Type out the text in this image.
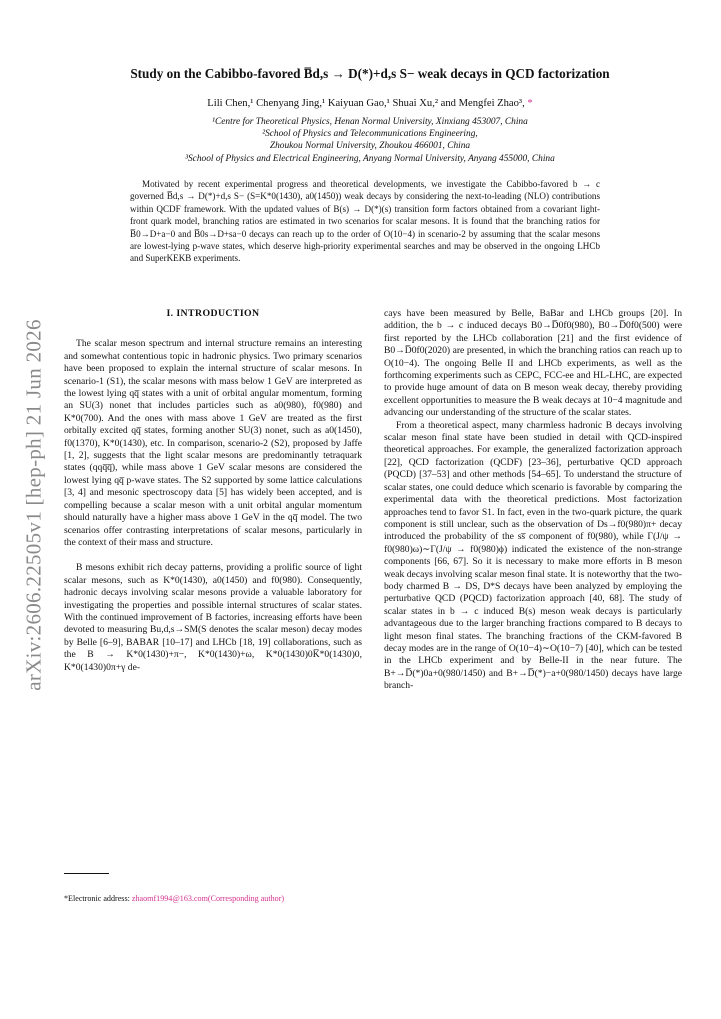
arXiv:2606.22505v1 [hep-ph] 21 Jun 2026
Study on the Cabibbo-favored B̅d,s → D(*)+d,s S− weak decays in QCD factorization
Lili Chen,¹ Chenyang Jing,¹ Kaiyuan Gao,¹ Shuai Xu,² and Mengfei Zhao³, *
¹Centre for Theoretical Physics, Henan Normal University, Xinxiang 453007, China
²School of Physics and Telecommunications Engineering,
Zhoukou Normal University, Zhoukou 466001, China
³School of Physics and Electrical Engineering, Anyang Normal University, Anyang 455000, China

Motivated by recent experimental progress and theoretical developments, we investigate the Cabibbo-favored b → c governed B̅d,s → D(*)+d,s S− (S=K*0(1430), a0(1450)) weak decays by considering the next-to-leading (NLO) contributions within QCDF framework. With the updated values of B(s) → D(*)(s) transition form factors obtained from a covariant light-front quark model, branching ratios are estimated in two scenarios for scalar mesons. It is found that the branching ratios for B̅0→D+a−0 and B̅0s→D+sa−0 decays can reach up to the order of O(10−4) in scenario-2 by assuming that the scalar mesons are lowest-lying p-wave states, which deserve high-priority experimental searches and may be observed in the ongoing LHCb and SuperKEKB experiments.

I. INTRODUCTION

The scalar meson spectrum and internal structure remains an interesting and somewhat contentious topic in hadronic physics. Two primary scenarios have been proposed to explain the internal structure of scalar mesons. In scenario-1 (S1), the scalar mesons with mass below 1 GeV are interpreted as the lowest lying qq̅ states with a unit of orbital angular momentum, forming an SU(3) nonet that includes particles such as a0(980), f0(980) and K*0(700). And the ones with mass above 1 GeV are treated as the first orbitally excited qq̅ states, forming another SU(3) nonet, such as a0(1450), f0(1370), K*0(1430), etc. In comparison, scenario-2 (S2), proposed by Jaffe [1, 2], suggests that the light scalar mesons are predominantly tetraquark states (qqq̅q̅), while mass above 1 GeV scalar mesons are considered the lowest lying qq̅ p-wave states. The S2 supported by some lattice calculations [3, 4] and mesonic spectroscopy data [5] has widely been accepted, and is compelling because a scalar meson with a unit orbital angular momentum should naturally have a higher mass above 1 GeV in the qq̅ model. The two scenarios offer contrasting interpretations of scalar mesons, particularly in the context of their mass and structure.

B mesons exhibit rich decay patterns, providing a prolific source of light scalar mesons, such as K*0(1430), a0(1450) and f0(980). Consequently, hadronic decays involving scalar mesons provide a valuable laboratory for investigating the properties and possible internal structures of scalar states. With the continued improvement of B factories, increasing efforts have been devoted to measuring Bu,d,s→SM(S denotes the scalar meson) decay modes by Belle [6–9], BABAR [10–17] and LHCb [18, 19] collaborations, such as the B → K*0(1430)+π−, K*0(1430)+ω, K*0(1430)0K̅*0(1430)0, K*0(1430)0π+γ de-

cays have been measured by Belle, BaBar and LHCb groups [20]. In addition, the b → c induced decays B0→D̅0f0(980), B0→D̅0f0(500) were first reported by the LHCb collaboration [21] and the first evidence of B0→D̅0f0(2020) are presented, in which the branching ratios can reach up to O(10−4). The ongoing Belle II and LHCb experiments, as well as the forthcoming experiments such as CEPC, FCC-ee and HL-LHC, are expected to provide huge amount of data on B meson weak decay, thereby providing excellent opportunities to measure the B weak decays at 10−4 magnitude and advancing our understanding of the structure of the scalar states.

From a theoretical aspect, many charmless hadronic B decays involving scalar meson final state have been studied in detail with QCD-inspired theoretical approaches. For example, the generalized factorization approach [22], QCD factorization (QCDF) [23–36], perturbative QCD approach (PQCD) [37–53] and other methods [54–65]. To understand the structure of scalar states, one could deduce which scenario is favorable by comparing the experimental data with the theoretical predictions. Most factorization approaches tend to favor S1. In fact, even in the two-quark picture, the quark component is still unclear, such as the observation of Ds→f0(980)π+ decay introduced the probability of the ss̅ component of f0(980), while Γ(J/ψ → f0(980)ω)∼Γ(J/ψ → f0(980)ϕ) indicated the existence of the non-strange components [66, 67]. So it is necessary to make more efforts in B meson weak decays involving scalar meson final state. It is noteworthy that the two-body charmed B → DS, D*S decays have been analyzed by employing the perturbative QCD (PQCD) factorization approach [40, 68]. The study of scalar states in b → c induced B(s) meson weak decays is particularly advantageous due to the larger branching fractions compared to B decays to light meson final states. The branching fractions of the CKM-favored B decay modes are in the range of O(10−4)∼O(10−7) [40], which can be tested in the LHCb experiment and by Belle-II in the near future. The B+→D̅(*)0a+0(980/1450) and B+→D̅(*)−a+0(980/1450) decays have large branch-

*Electronic address: zhaomf1994@163.com(Corresponding author)
